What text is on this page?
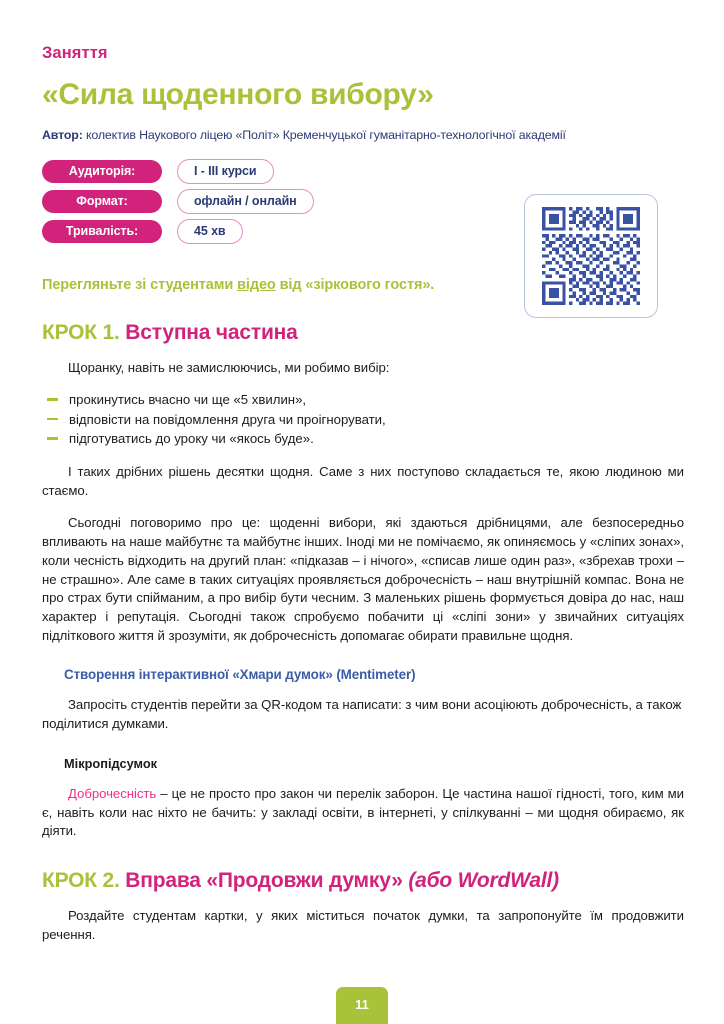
Заняття
«Сила щоденного вибору»
Автор: колектив Наукового ліцею «Політ» Кременчуцької гуманітарно-технологічної академії
Аудиторія:		I - III курси
Формат:		офлайн / онлайн
Тривалість:		45 хв
Перегляньте зі студентами відео від «зіркового гостя».
КРОК 1. Вступна частина

Щоранку, навіть не замислюючись, ми робимо вибір:

прокинутись вчасно чи ще «5 хвилин»,
відповісти на повідомлення друга чи проігнорувати,
підготуватись до уроку чи «якось буде».

І таких дрібних рішень десятки щодня. Саме з них поступово складається те, якою людиною ми стаємо.

Сьогодні поговоримо про це: щоденні вибори, які здаються дрібницями, але безпосередньо впливають на наше майбутнє та майбутнє інших. Іноді ми не помічаємо, як опиняємось у «сліпих зонах», коли чесність відходить на другий план: «підказав – і нічого», «списав лише один раз», «збрехав трохи – не страшно». Але саме в таких ситуаціях проявляється доброчесність – наш внутрішній компас. Вона не про страх бути спійманим, а про вибір бути чесним. З маленьких рішень формується довіра до нас, наш характер і репутація. Сьогодні також спробуємо побачити ці «сліпі зони» у звичайних ситуаціях підліткового життя й зрозуміти, як доброчесність допомагає обирати правильне щодня.

Створення інтерактивної «Хмари думок» (Mentimeter)

Запросіть студентів перейти за QR-кодом та написати: з чим вони асоціюють доброчесність, а також поділитися думками.

Мікропідсумок

Доброчесність – це не просто про закон чи перелік заборон. Це частина нашої гідності, того, ким ми є, навіть коли нас ніхто не бачить: у закладі освіти, в інтернеті, у спілкуванні – ми щодня обираємо, як діяти.

КРОК 2. Вправа «Продовжи думку» (або WordWall)

Роздайте студентам картки, у яких міститься початок думки, та запропонуйте їм продовжити речення.

11
